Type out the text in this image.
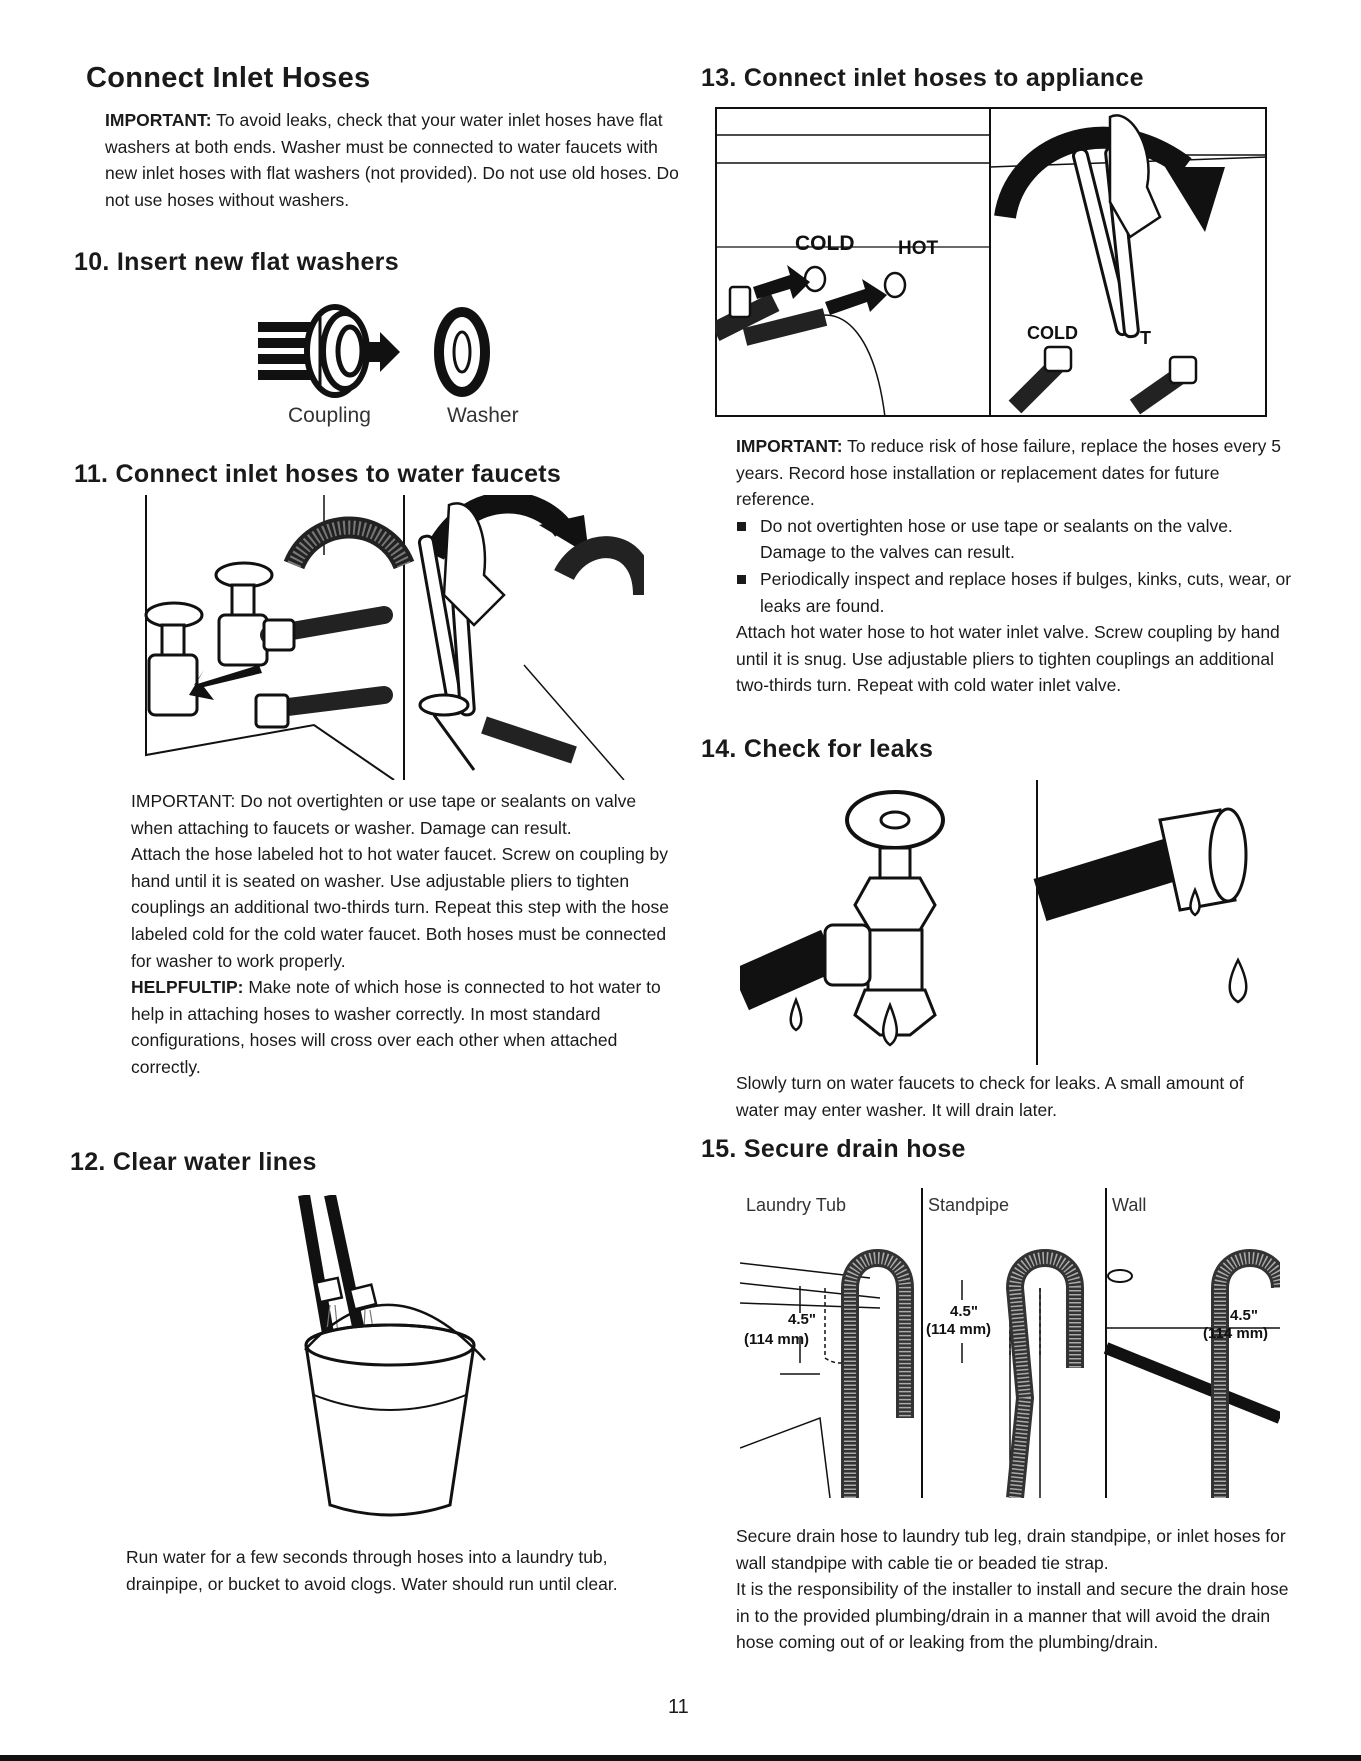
Connect Inlet Hoses

IMPORTANT: To avoid leaks, check that your water inlet hoses have flat washers at both ends. Washer must be connected to water faucets with new inlet hoses with flat washers (not provided). Do not use old hoses. Do not use hoses without washers.

10. Insert new flat washers
Coupling	Washer
11. Connect inlet hoses to water faucets

IMPORTANT: Do not overtighten or use tape or sealants on valve when attaching to faucets or washer. Damage can result.

Attach the hose labeled hot to hot water faucet. Screw on coupling by hand until it is seated on washer. Use adjustable pliers to tighten couplings an additional two-thirds turn. Repeat this step with the hose labeled cold for the cold water faucet. Both hoses must be connected for washer to work properly.

HELPFULTIP: Make note of which hose is connected to hot water to help in attaching hoses to washer correctly. In most standard configurations, hoses will cross over each other when attached correctly.

12. Clear water lines
Run water for a few seconds through hoses into a laundry tub, drainpipe, or bucket to avoid clogs. Water should run until clear.
13. Connect inlet hoses to appliance
COLD HOT
COLD	T

IMPORTANT: To reduce risk of hose failure, replace the hoses every 5 years. Record hose installation or replacement dates for future reference.

Do not overtighten hose or use tape or sealants on the valve. Damage to the valves can result.
Periodically inspect and replace hoses if bulges, kinks, cuts, wear, or leaks are found.

Attach hot water hose to hot water inlet valve. Screw coupling by hand until it is snug. Use adjustable pliers to tighten couplings an additional two-thirds turn. Repeat with cold water inlet valve.

14. Check for leaks
Slowly turn on water faucets to check for leaks. A small amount of water may enter washer. It will drain later.
15. Secure drain hose
Laundry Tub	Standpipe	Wall
4.5"
(114 mm)
4.5"
(114 mm)
4.5"
(114 mm)

Secure drain hose to laundry tub leg, drain standpipe, or inlet hoses for wall standpipe with cable tie or beaded tie strap.

It is the responsibility of the installer to install and secure the drain hose in to the provided plumbing/drain in a manner that will avoid the drain hose coming out of or leaking from the plumbing/drain.

11
